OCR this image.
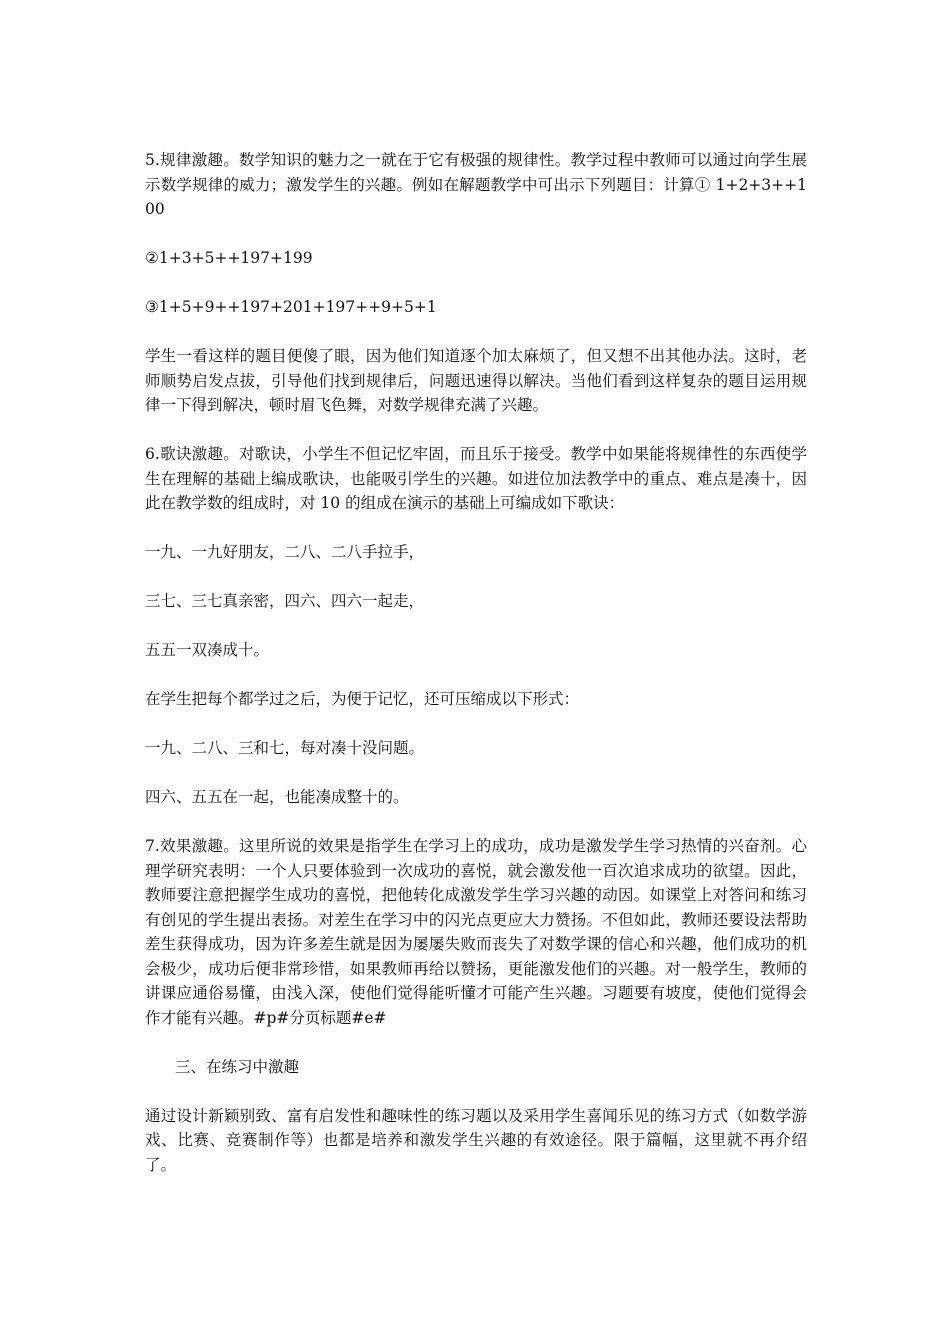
5.规律激趣。数学知识的魅力之一就在于它有极强的规律性。教学过程中教师可以通过向学生展示数学规律的威力；激发学生的兴趣。例如在解题教学中可出示下列题目：计算① 1+2+3++100

②1+3+5++197+199

③1+5+9++197+201+197++9+5+1

学生一看这样的题目便傻了眼，因为他们知道逐个加太麻烦了，但又想不出其他办法。这时，老师顺势启发点拔，引导他们找到规律后，问题迅速得以解决。当他们看到这样复杂的题目运用规律一下得到解决，顿时眉飞色舞，对数学规律充满了兴趣。

6.歌诀激趣。对歌诀，小学生不但记忆牢固，而且乐于接受。教学中如果能将规律性的东西使学生在理解的基础上编成歌诀，也能吸引学生的兴趣。如进位加法教学中的重点、难点是凑十，因此在教学数的组成时，对 10 的组成在演示的基础上可编成如下歌诀：

一九、一九好朋友，二八、二八手拉手，

三七、三七真亲密，四六、四六一起走，

五五一双凑成十。

在学生把每个都学过之后，为便于记忆，还可压缩成以下形式：

一九、二八、三和七，每对凑十没问题。

四六、五五在一起，也能凑成整十的。

7.效果激趣。这里所说的效果是指学生在学习上的成功，成功是激发学生学习热情的兴奋剂。心理学研究表明：一个人只要体验到一次成功的喜悦，就会激发他一百次追求成功的欲望。因此，教师要注意把握学生成功的喜悦，把他转化成激发学生学习兴趣的动因。如课堂上对答问和练习有创见的学生提出表扬。对差生在学习中的闪光点更应大力赞扬。不但如此，教师还要设法帮助差生获得成功，因为许多差生就是因为屡屡失败而丧失了对数学课的信心和兴趣，他们成功的机会极少，成功后便非常珍惜，如果教师再给以赞扬，更能激发他们的兴趣。对一般学生，教师的讲课应通俗易懂，由浅入深，使他们觉得能听懂才可能产生兴趣。习题要有坡度，使他们觉得会作才能有兴趣。#p#分页标题#e#

三、在练习中激趣

通过设计新颖别致、富有启发性和趣味性的练习题以及采用学生喜闻乐见的练习方式（如数学游戏、比赛、竞赛制作等）也都是培养和激发学生兴趣的有效途径。限于篇幅，这里就不再介绍了。
